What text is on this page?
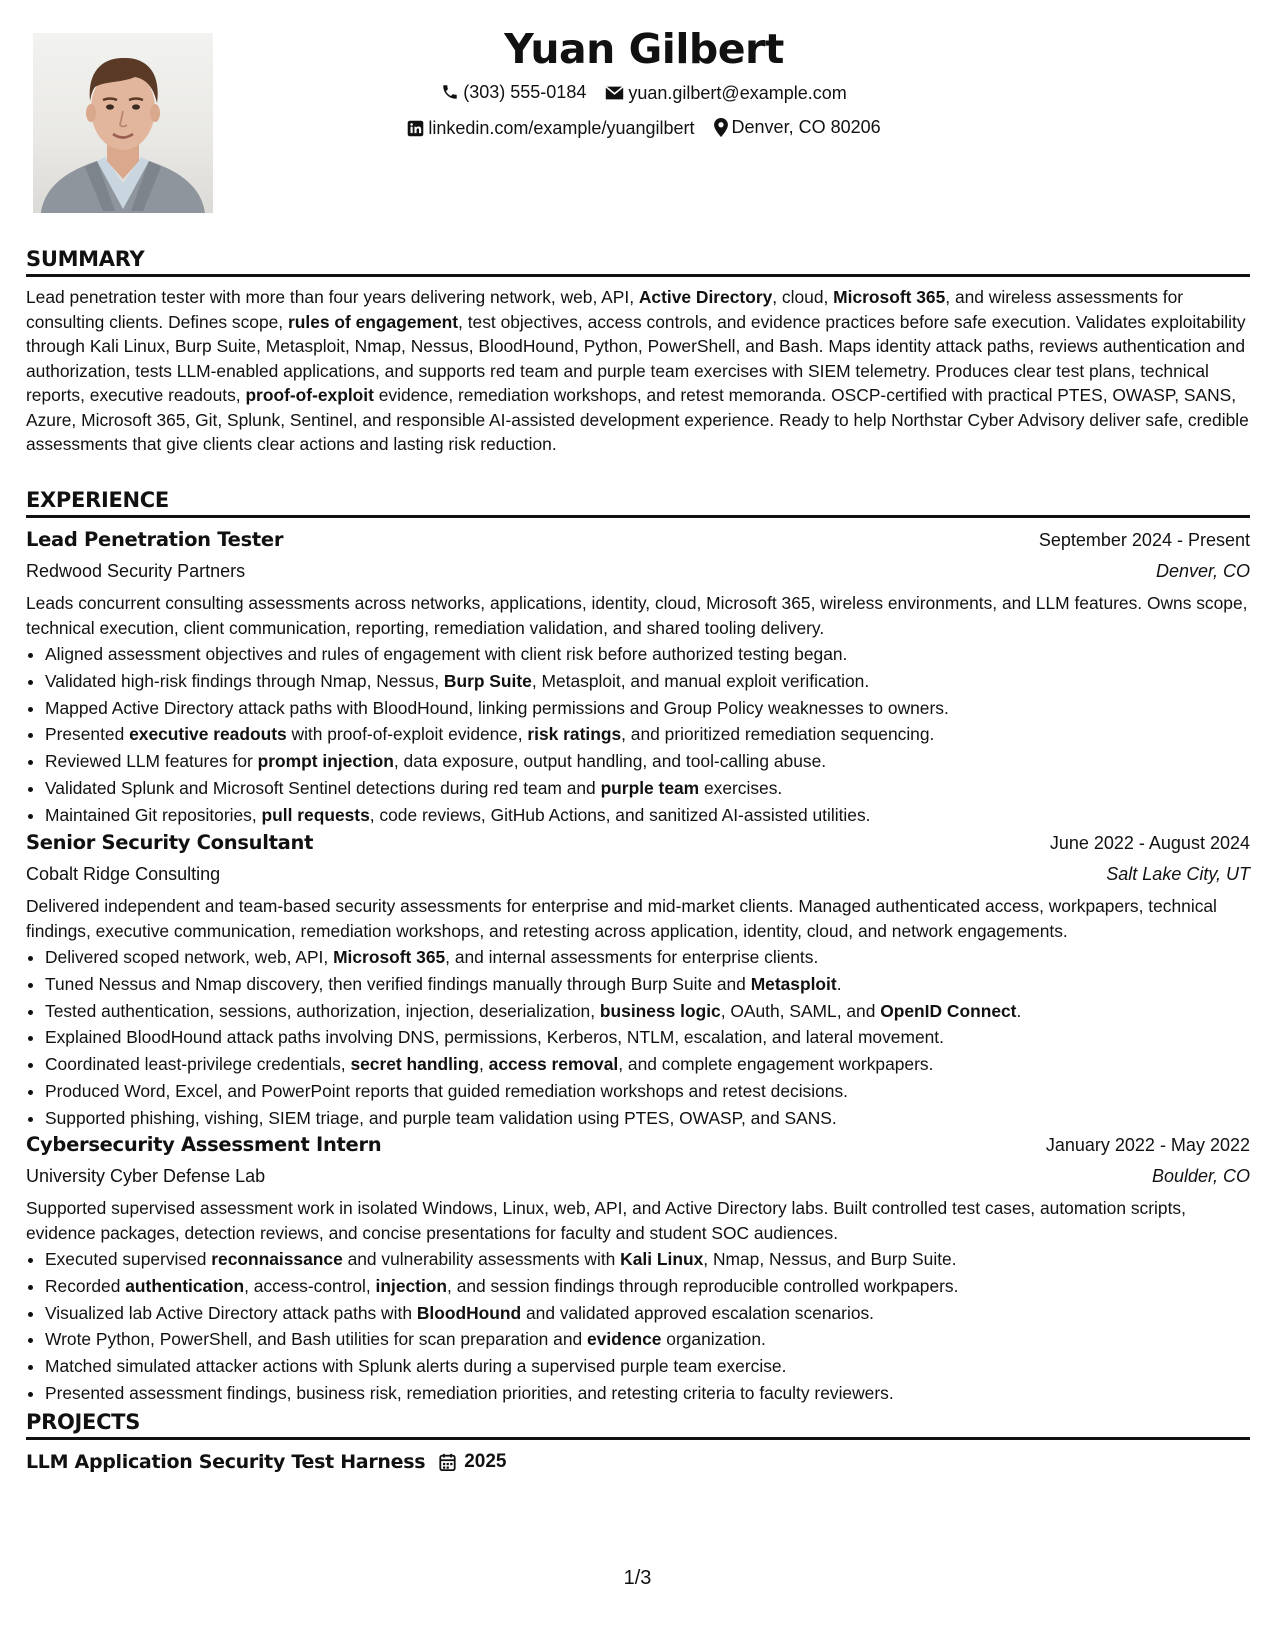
Yuan Gilbert
(303) 555-0184
yuan.gilbert@example.com
linkedin.com/example/yuangilbert
Denver, CO 80206
SUMMARY

Lead penetration tester with more than four years delivering network, web, API, Active Directory, cloud, Microsoft 365, and wireless assessments for consulting clients. Defines scope, rules of engagement, test objectives, access controls, and evidence practices before safe execution. Validates exploitability through Kali Linux, Burp Suite, Metasploit, Nmap, Nessus, BloodHound, Python, PowerShell, and Bash. Maps identity attack paths, reviews authentication and authorization, tests LLM-enabled applications, and supports red team and purple team exercises with SIEM telemetry. Produces clear test plans, technical reports, executive readouts, proof-of-exploit evidence, remediation workshops, and retest memoranda. OSCP-certified with practical PTES, OWASP, SANS, Azure, Microsoft 365, Git, Splunk, Sentinel, and responsible AI-assisted development experience. Ready to help Northstar Cyber Advisory deliver safe, credible assessments that give clients clear actions and lasting risk reduction.

EXPERIENCE
Lead Penetration Tester	September 2024 - Present
Redwood Security Partners	Denver, CO

Leads concurrent consulting assessments across networks, applications, identity, cloud, Microsoft 365, wireless environments, and LLM features. Owns scope, technical execution, client communication, reporting, remediation validation, and shared tooling delivery.

• Aligned assessment objectives and rules of engagement with client risk before authorized testing began.
• Validated high-risk findings through Nmap, Nessus, Burp Suite, Metasploit, and manual exploit verification.
• Mapped Active Directory attack paths with BloodHound, linking permissions and Group Policy weaknesses to owners.
• Presented executive readouts with proof-of-exploit evidence, risk ratings, and prioritized remediation sequencing.
• Reviewed LLM features for prompt injection, data exposure, output handling, and tool-calling abuse.
• Validated Splunk and Microsoft Sentinel detections during red team and purple team exercises.
• Maintained Git repositories, pull requests, code reviews, GitHub Actions, and sanitized AI-assisted utilities.
Senior Security Consultant	June 2022 - August 2024
Cobalt Ridge Consulting	Salt Lake City, UT

Delivered independent and team-based security assessments for enterprise and mid-market clients. Managed authenticated access, workpapers, technical findings, executive communication, remediation workshops, and retesting across application, identity, cloud, and network engagements.

• Delivered scoped network, web, API, Microsoft 365, and internal assessments for enterprise clients.
• Tuned Nessus and Nmap discovery, then verified findings manually through Burp Suite and Metasploit.
• Tested authentication, sessions, authorization, injection, deserialization, business logic, OAuth, SAML, and OpenID Connect.
• Explained BloodHound attack paths involving DNS, permissions, Kerberos, NTLM, escalation, and lateral movement.
• Coordinated least-privilege credentials, secret handling, access removal, and complete engagement workpapers.
• Produced Word, Excel, and PowerPoint reports that guided remediation workshops and retest decisions.
• Supported phishing, vishing, SIEM triage, and purple team validation using PTES, OWASP, and SANS.
Cybersecurity Assessment Intern	January 2022 - May 2022
University Cyber Defense Lab	Boulder, CO

Supported supervised assessment work in isolated Windows, Linux, web, API, and Active Directory labs. Built controlled test cases, automation scripts, evidence packages, detection reviews, and concise presentations for faculty and student SOC audiences.

• Executed supervised reconnaissance and vulnerability assessments with Kali Linux, Nmap, Nessus, and Burp Suite.
• Recorded authentication, access-control, injection, and session findings through reproducible controlled workpapers.
• Visualized lab Active Directory attack paths with BloodHound and validated approved escalation scenarios.
• Wrote Python, PowerShell, and Bash utilities for scan preparation and evidence organization.
• Matched simulated attacker actions with Splunk alerts during a supervised purple team exercise.
• Presented assessment findings, business risk, remediation priorities, and retesting criteria to faculty reviewers.
PROJECTS
LLM Application Security Test Harness 2025
1/3
